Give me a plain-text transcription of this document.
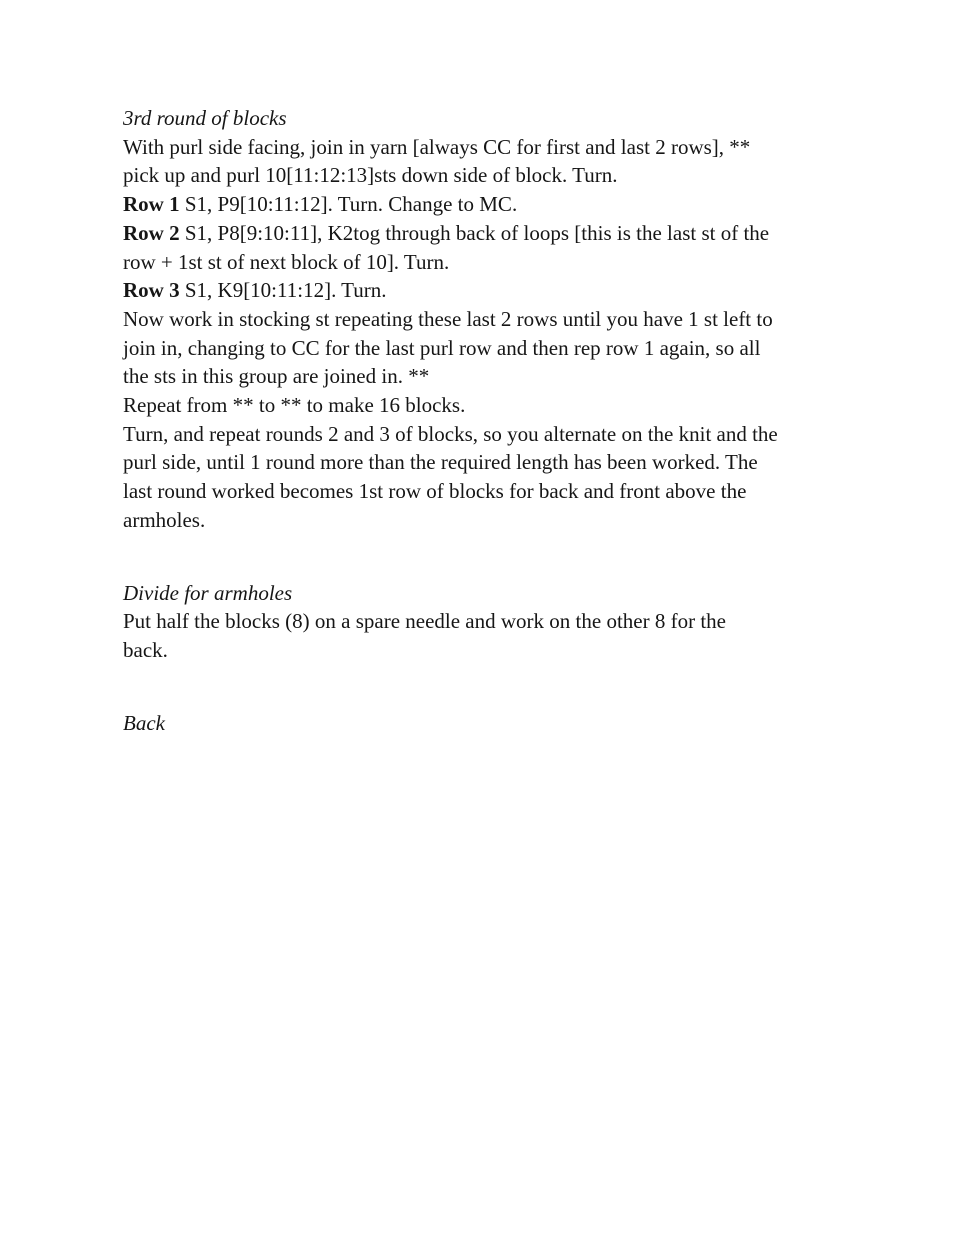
3rd round of blocks
With purl side facing, join in yarn [always CC for first and last 2 rows], **
pick up and purl 10[11:12:13]sts down side of block. Turn.
Row 1 S1, P9[10:11:12]. Turn. Change to MC.
Row 2 S1, P8[9:10:11], K2tog through back of loops [this is the last st of the
row + 1st st of next block of 10]. Turn.
Row 3 S1, K9[10:11:12]. Turn.
Now work in stocking st repeating these last 2 rows until you have 1 st left to
join in, changing to CC for the last purl row and then rep row 1 again, so all
the sts in this group are joined in. **
Repeat from ** to ** to make 16 blocks.
Turn, and repeat rounds 2 and 3 of blocks, so you alternate on the knit and the
purl side, until 1 round more than the required length has been worked. The
last round worked becomes 1st row of blocks for back and front above the
armholes.
Divide for armholes
Put half the blocks (8) on a spare needle and work on the other 8 for the
back.
Back
